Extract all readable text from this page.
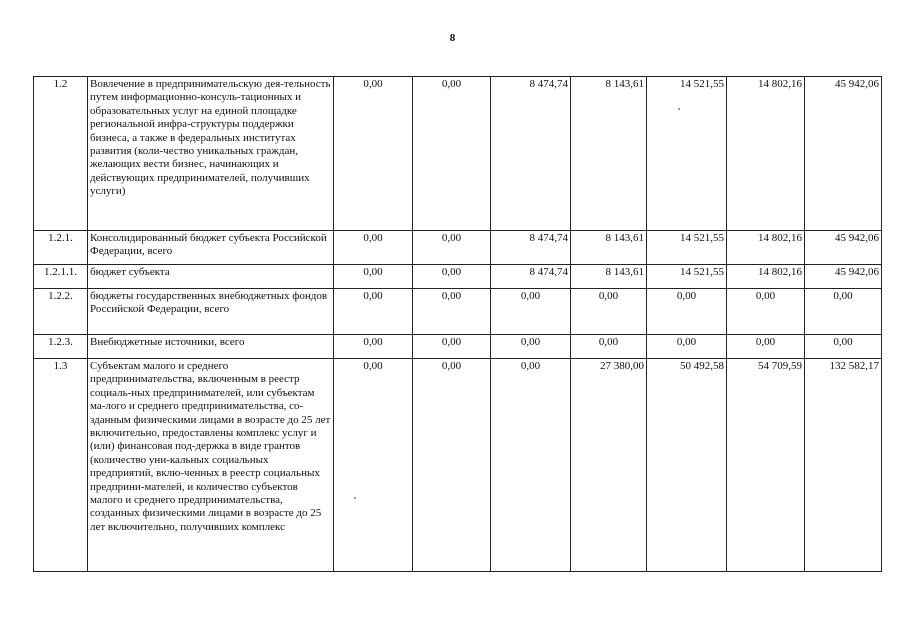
8
1.2	Вовлечение в предпринимательскую дея-тельность путем информационно-консуль-тационных и образовательных услуг на единой площадке региональной инфра-структуры поддержки бизнеса, а также в федеральных институтах развития (коли-чество уникальных граждан, желающих вести бизнес, начинающих и действующих предпринимателей, получивших услуги)	0,00	0,00	8 474,74	8 143,61	14 521,55	14 802,16	45 942,06
1.2.1.	Консолидированный бюджет субъекта Российской Федерации, всего	0,00	0,00	8 474,74	8 143,61	14 521,55	14 802,16	45 942,06
1.2.1.1.	бюджет субъекта	0,00	0,00	8 474,74	8 143,61	14 521,55	14 802,16	45 942,06
1.2.2.	бюджеты государственных внебюджетных фондов Российской Федерации, всего	0,00	0,00	0,00	0,00	0,00	0,00	0,00
1.2.3.	Внебюджетные источники, всего	0,00	0,00	0,00	0,00	0,00	0,00	0,00
1.3	Субъектам малого и среднего предпринимательства, включенным в реестр социаль-ных предпринимателей, или субъектам ма-лого и среднего предпринимательства, со-зданным физическими лицами в возрасте до 25 лет включительно, предоставлены комплекс услуг и (или) финансовая под-держка в виде грантов (количество уни-кальных социальных предприятий, вклю-ченных в реестр социальных предприни-мателей, и количество субъектов малого и среднего предпринимательства, созданных физическими лицами в возрасте до 25 лет включительно, получивших комплекс	0,00	0,00	0,00	27 380,00	50 492,58	54 709,59	132 582,17
